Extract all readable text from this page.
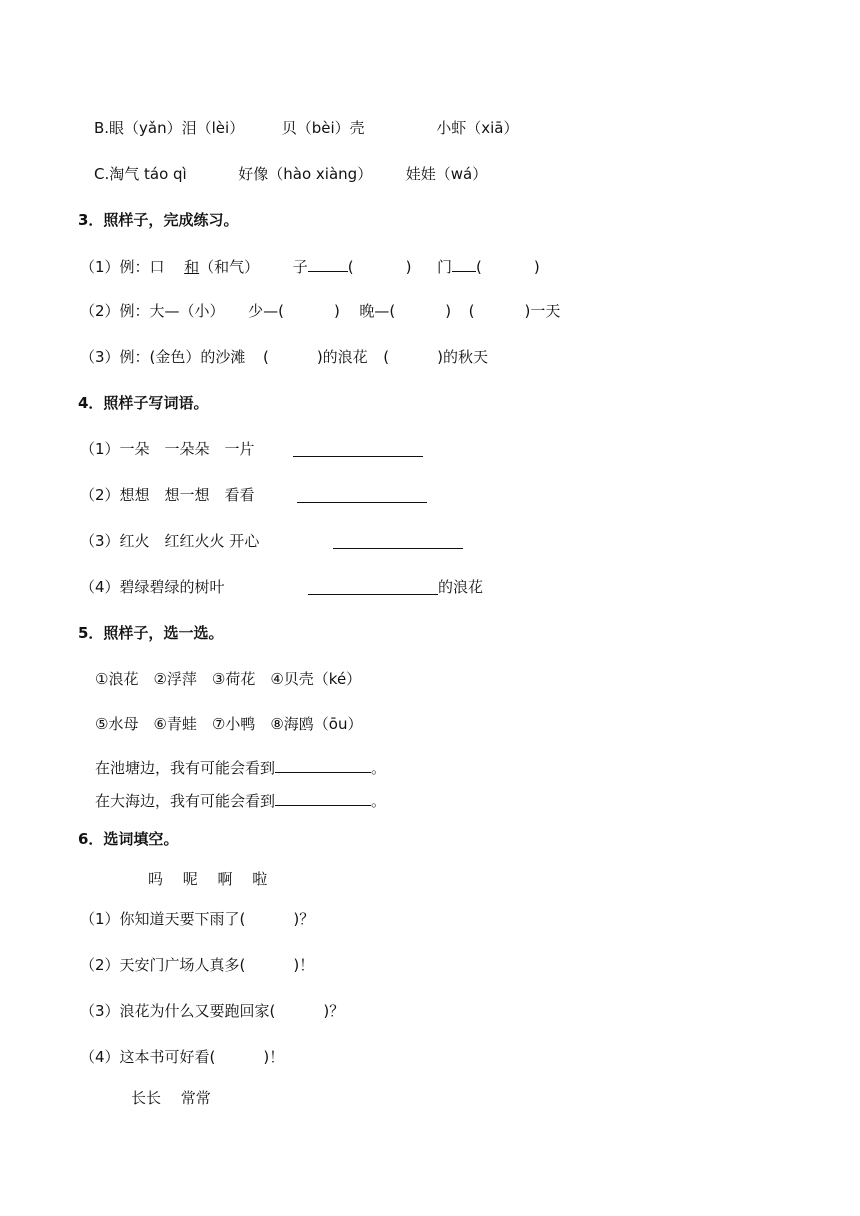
B.眼（yǎn）泪（lèi）	贝（bèi）壳	小虾（xiā）
C.淘气 táo qì	好像（hào xiàng） 娃娃（wá）
3．照样子，完成练习。
（1）例：口 和（和气） 子	(	) 门 (	)
（2）例：大—（小） 少—(	) 晚—(	) (	)一天
（3）例：(金色）的沙滩 (	)的浪花 (	)的秋天
4．照样子写词语。
（1）一朵　一朵朵　一片
（2）想想　想一想　看看
（3）红火　红红火火 开心
（4）碧绿碧绿的树叶	的浪花
5．照样子，选一选。
①浪花　②浮萍　③荷花　④贝壳（ké）
⑤水母　⑥青蛙　⑦小鸭　⑧海鸥（ōu）
在池塘边，我有可能会看到	。
在大海边，我有可能会看到	。
6．选词填空。
吗　 呢　 啊　 啦
（1）你知道天要下雨了(	)？
（2）天安门广场人真多(	)！
（3）浪花为什么又要跑回家(	)？
（4）这本书可好看(	)！
长长　 常常
